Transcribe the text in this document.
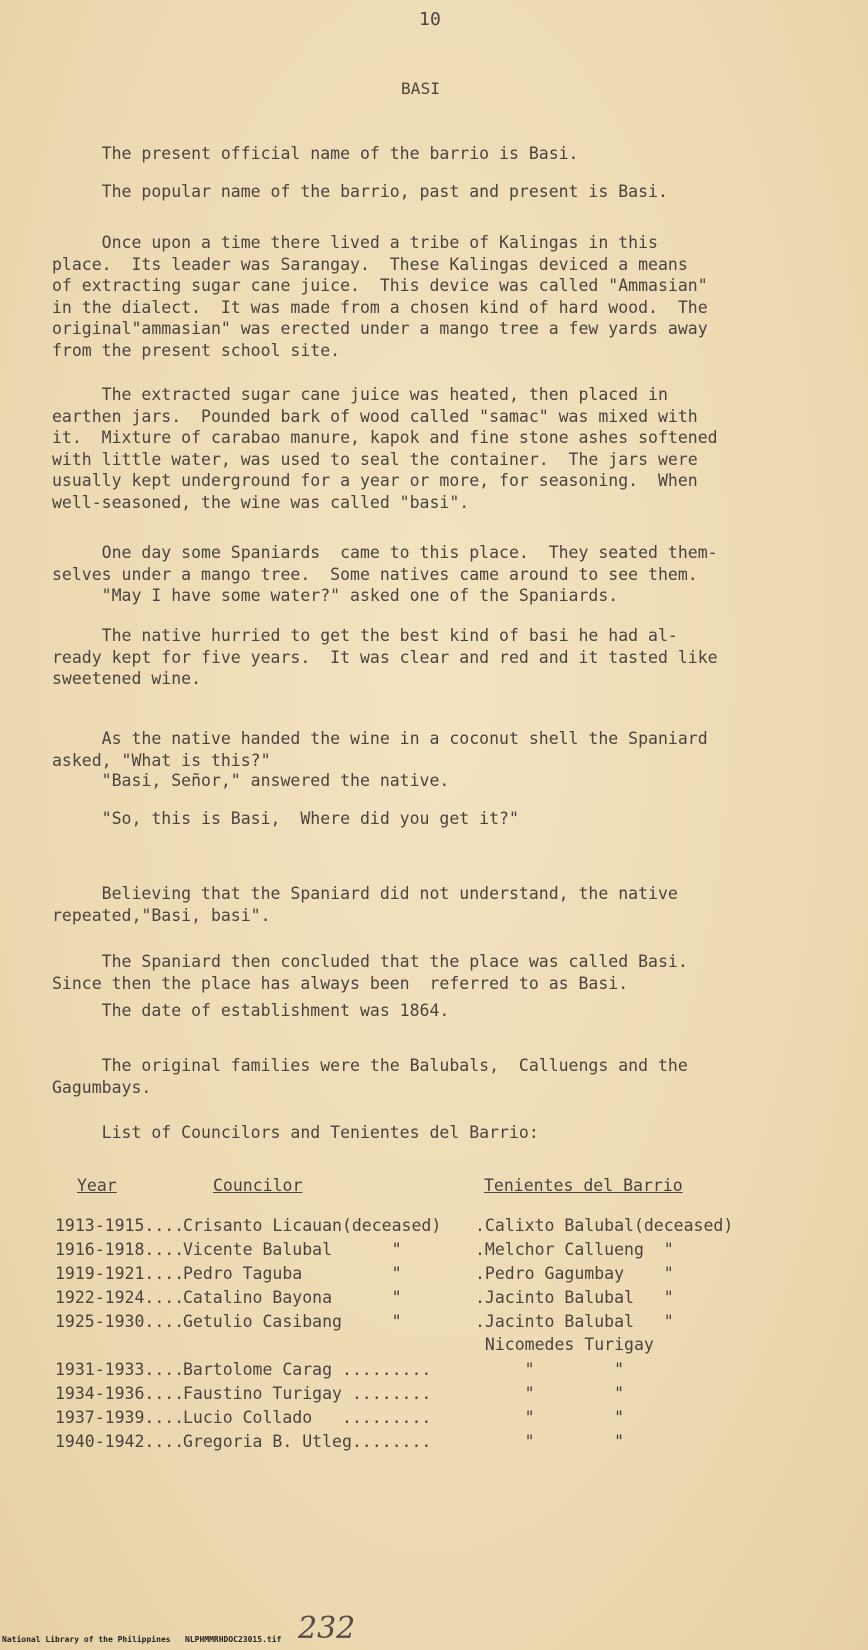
10
BASI
The present official name of the barrio is Basi.
The popular name of the barrio, past and present is Basi.
Once upon a time there lived a tribe of Kalingas in this
place.  Its leader was Sarangay.  These Kalingas deviced a means
of extracting sugar cane juice.  This device was called "Ammasian"
in the dialect.  It was made from a chosen kind of hard wood.  The
original"ammasian" was erected under a mango tree a few yards away
from the present school site.
The extracted sugar cane juice was heated, then placed in
earthen jars.  Pounded bark of wood called "samac" was mixed with
it.  Mixture of carabao manure, kapok and fine stone ashes softened
with little water, was used to seal the container.  The jars were
usually kept underground for a year or more, for seasoning.  When
well-seasoned, the wine was called "basi".
One day some Spaniards  came to this place.  They seated them-
selves under a mango tree.  Some natives came around to see them.
"May I have some water?" asked one of the Spaniards.
The native hurried to get the best kind of basi he had al-
ready kept for five years.  It was clear and red and it tasted like
sweetened wine.
As the native handed the wine in a coconut shell the Spaniard
asked, "What is this?"
"Basi, Señor," answered the native.
"So, this is Basi,  Where did you get it?"
Believing that the Spaniard did not understand, the native
repeated,"Basi, basi".
The Spaniard then concluded that the place was called Basi.
Since then the place has always been  referred to as Basi.
The date of establishment was 1864.
The original families were the Balubals,  Calluengs and the
Gagumbays.
List of Councilors and Tenientes del Barrio:
Year	Councilor	Tenientes del Barrio
1913-1915....
Crisanto Licauan(deceased) .Calixto Balubal(deceased)
1916-1918....
Vicente Balubal      "	.Melchor Callueng  "
1919-1921....
Pedro Taguba         "	.Pedro Gagumbay    "
1922-1924....
Catalino Bayona      "	.Jacinto Balubal   "
1925-1930....
Getulio Casibang     "	.Jacinto Balubal   "
Nicomedes Turigay
1931-1933....
Bartolome Carag .........	"        "
1934-1936....
Faustino Turigay ........	"        "
1937-1939....
Lucio Collado   .........	"        "
1940-1942....
Gregoria B. Utleg........	"        "
National Library of the Philippines NLPHMMRHDOC23015.tif 232
